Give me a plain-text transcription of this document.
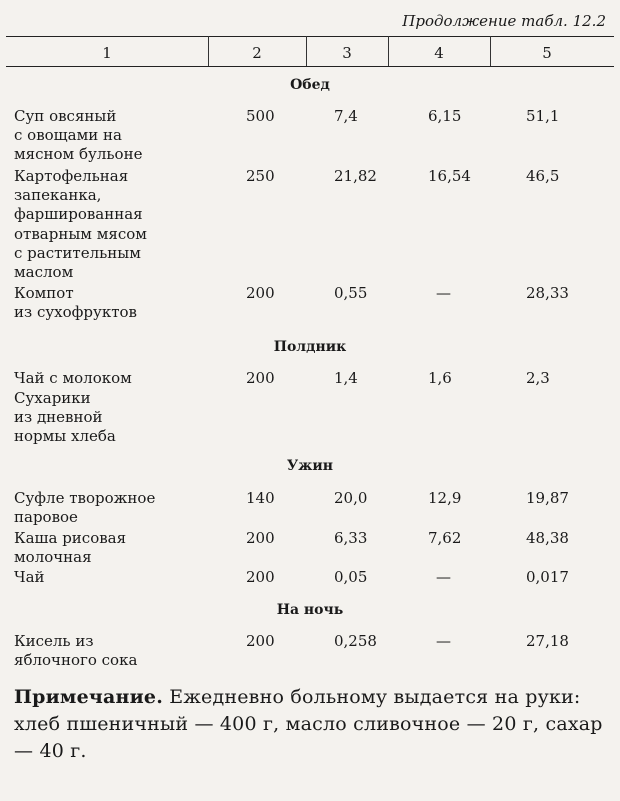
Продолжение табл. 12.2
1	2	3	4	5
Обед
Суп овсяный
с овощами на
мясном бульоне
500	7,4	6,15	51,1
Картофельная
запеканка,
фаршированная
отварным мясом
с растительным
маслом
250	21,82	16,54	46,5
Компот
из сухофруктов
200	0,55	—	28,33
Полдник
Чай с молоком	200	1,4	1,6	2,3
Сухарики
из дневной
нормы хлеба
Ужин
Суфле творожное
паровое
140	20,0	12,9	19,87
Каша рисовая
молочная
200	6,33	7,62	48,38
Чай	200	0,05	—	0,017
На ночь
Кисель из
яблочного сока
200	0,258	—	27,18
Примечание. Ежедневно больному выдается на руки: хлеб пшеничный — 400 г, масло сливочное — 20 г, сахар — 40 г.
